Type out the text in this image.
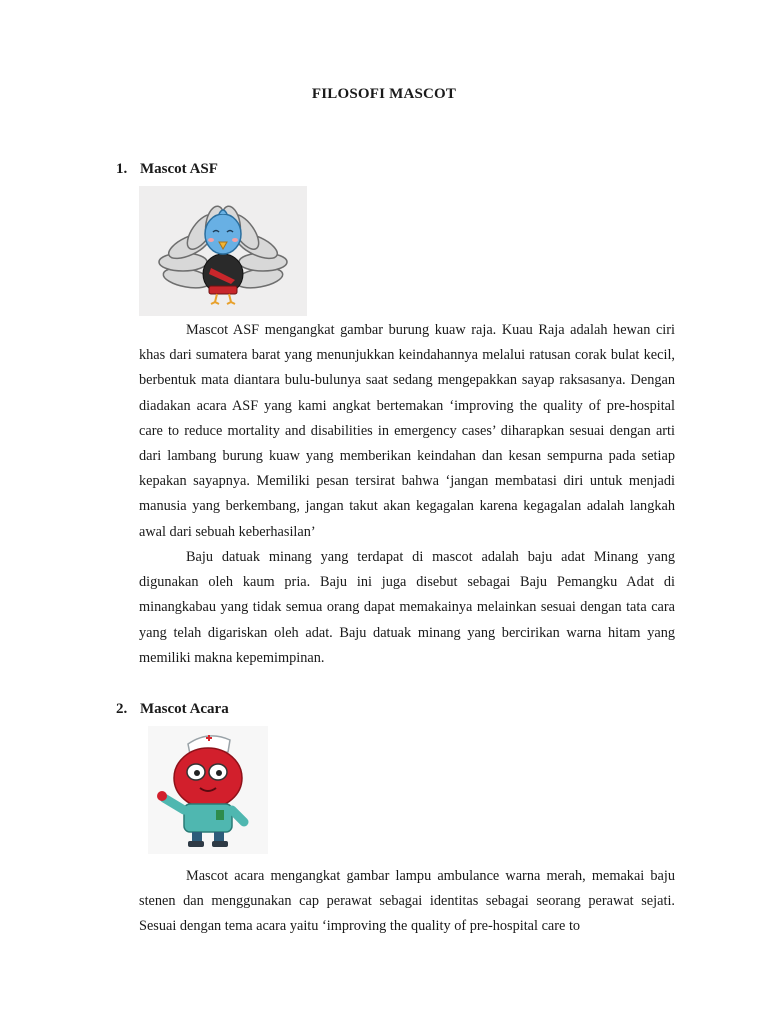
FILOSOFI MASCOT
1. Mascot ASF

Mascot ASF mengangkat gambar burung kuaw raja. Kuau Raja adalah hewan ciri khas dari sumatera barat yang menunjukkan keindahannya melalui ratusan corak bulat kecil, berbentuk mata diantara bulu-bulunya saat sedang mengepakkan sayap raksasanya. Dengan diadakan acara ASF yang kami angkat bertemakan ‘improving the quality of pre-hospital care to reduce mortality and disabilities in emergency cases’ diharapkan sesuai dengan arti dari lambang burung kuaw yang memberikan keindahan dan kesan sempurna pada setiap kepakan sayapnya. Memiliki pesan tersirat bahwa ‘jangan membatasi diri untuk menjadi manusia yang berkembang, jangan takut akan kegagalan karena kegagalan adalah langkah awal dari sebuah keberhasilan’

Baju datuak minang yang terdapat di mascot adalah baju adat Minang yang digunakan oleh kaum pria. Baju ini juga disebut sebagai Baju Pemangku Adat di minangkabau yang tidak semua orang dapat memakainya melainkan sesuai dengan tata cara yang telah digariskan oleh adat. Baju datuak minang yang bercirikan warna hitam yang memiliki makna kepemimpinan.

2. Mascot Acara

Mascot acara mengangkat gambar lampu ambulance warna merah, memakai baju stenen dan menggunakan cap perawat sebagai identitas sebagai seorang perawat sejati. Sesuai dengan tema acara yaitu ‘improving the quality of pre-hospital care to
